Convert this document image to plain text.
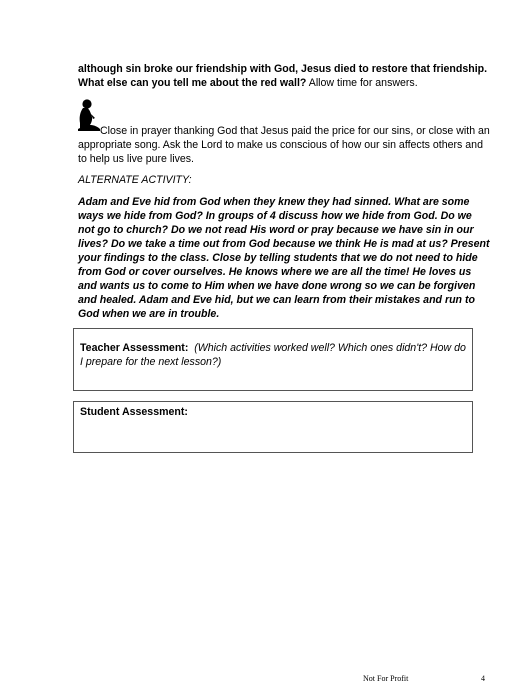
although sin broke our friendship with God, Jesus died to restore that friendship. What else can you tell me about the red wall? Allow time for answers.
Close in prayer thanking God that Jesus paid the price for our sins, or close with an appropriate song. Ask the Lord to make us conscious of how our sin affects others and to help us live pure lives.
ALTERNATE ACTIVITY:
Adam and Eve hid from God when they knew they had sinned. What are some ways we hide from God? In groups of 4 discuss how we hide from God. Do we not go to church? Do we not read His word or pray because we have sin in our lives? Do we take a time out from God because we think He is mad at us? Present your findings to the class. Close by telling students that we do not need to hide from God or cover ourselves. He knows where we are all the time! He loves us and wants us to come to Him when we have done wrong so we can be forgiven and healed. Adam and Eve hid, but we can learn from their mistakes and run to God when we are in trouble.
Teacher Assessment: (Which activities worked well? Which ones didn't? How do I prepare for the next lesson?)
Student Assessment:
Not For Profit	4
